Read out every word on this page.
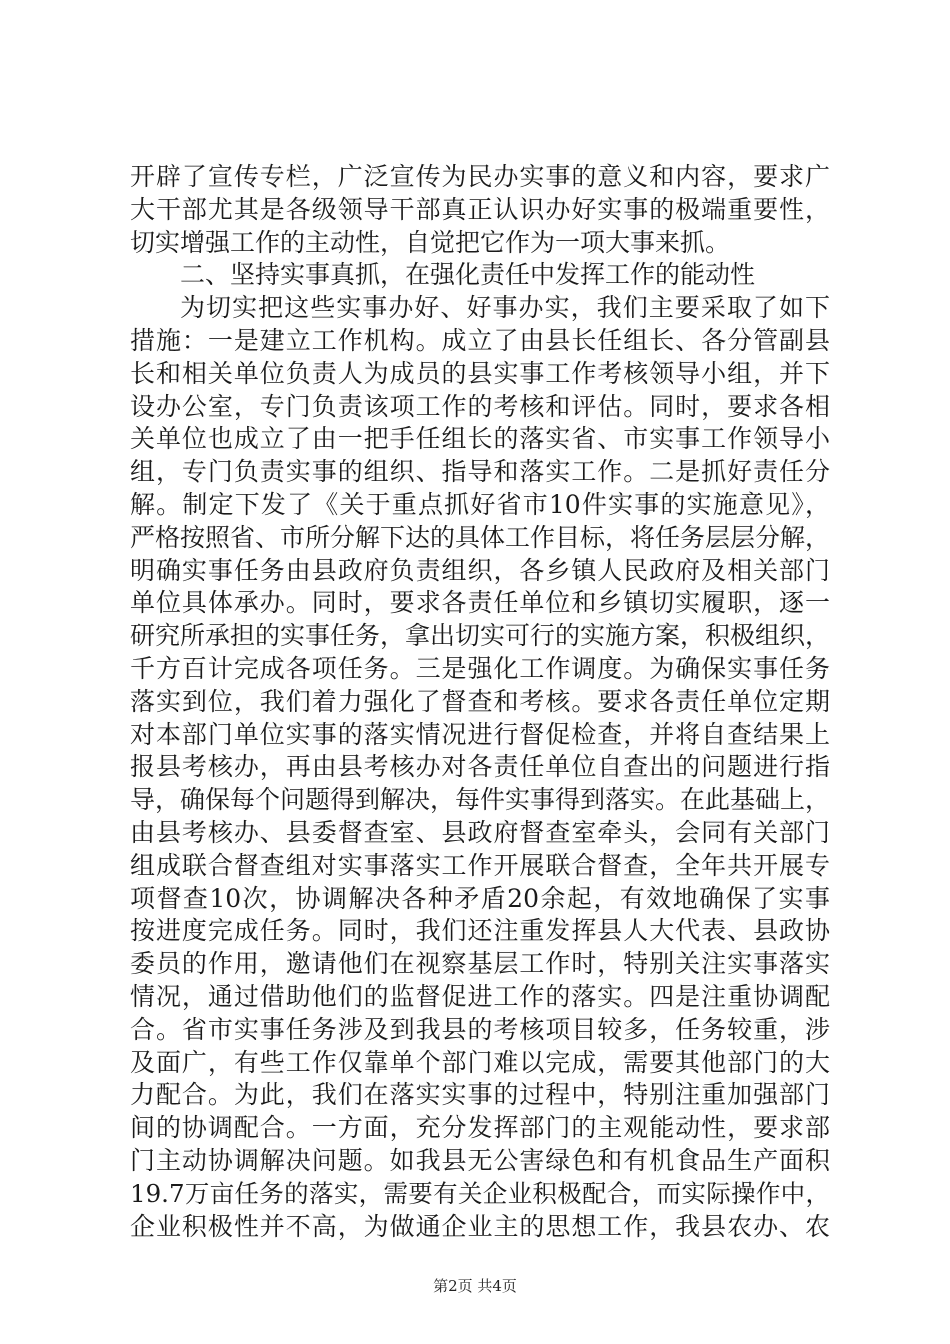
开辟了宣传专栏，广泛宣传为民办实事的意义和内容，要求广
大干部尤其是各级领导干部真正认识办好实事的极端重要性，
切实增强工作的主动性，自觉把它作为一项大事来抓。
二、坚持实事真抓，在强化责任中发挥工作的能动性
为切实把这些实事办好、好事办实，我们主要采取了如下
措施：一是建立工作机构。成立了由县长任组长、各分管副县
长和相关单位负责人为成员的县实事工作考核领导小组，并下
设办公室，专门负责该项工作的考核和评估。同时，要求各相
关单位也成立了由一把手任组长的落实省、市实事工作领导小
组，专门负责实事的组织、指导和落实工作。二是抓好责任分
解。制定下发了《关于重点抓好省市10件实事的实施意见》，
严格按照省、市所分解下达的具体工作目标，将任务层层分解，
明确实事任务由县政府负责组织，各乡镇人民政府及相关部门
单位具体承办。同时，要求各责任单位和乡镇切实履职，逐一
研究所承担的实事任务，拿出切实可行的实施方案，积极组织，
千方百计完成各项任务。三是强化工作调度。为确保实事任务
落实到位，我们着力强化了督查和考核。要求各责任单位定期
对本部门单位实事的落实情况进行督促检查，并将自查结果上
报县考核办，再由县考核办对各责任单位自查出的问题进行指
导，确保每个问题得到解决，每件实事得到落实。在此基础上，
由县考核办、县委督查室、县政府督查室牵头，会同有关部门
组成联合督查组对实事落实工作开展联合督查，全年共开展专
项督查10次，协调解决各种矛盾20余起，有效地确保了实事
按进度完成任务。同时，我们还注重发挥县人大代表、县政协
委员的作用，邀请他们在视察基层工作时，特别关注实事落实
情况，通过借助他们的监督促进工作的落实。四是注重协调配
合。省市实事任务涉及到我县的考核项目较多，任务较重，涉
及面广，有些工作仅靠单个部门难以完成，需要其他部门的大
力配合。为此，我们在落实实事的过程中，特别注重加强部门
间的协调配合。一方面，充分发挥部门的主观能动性，要求部
门主动协调解决问题。如我县无公害绿色和有机食品生产面积
19.7万亩任务的落实，需要有关企业积极配合，而实际操作中，
企业积极性并不高，为做通企业主的思想工作，我县农办、农
第2页 共4页
